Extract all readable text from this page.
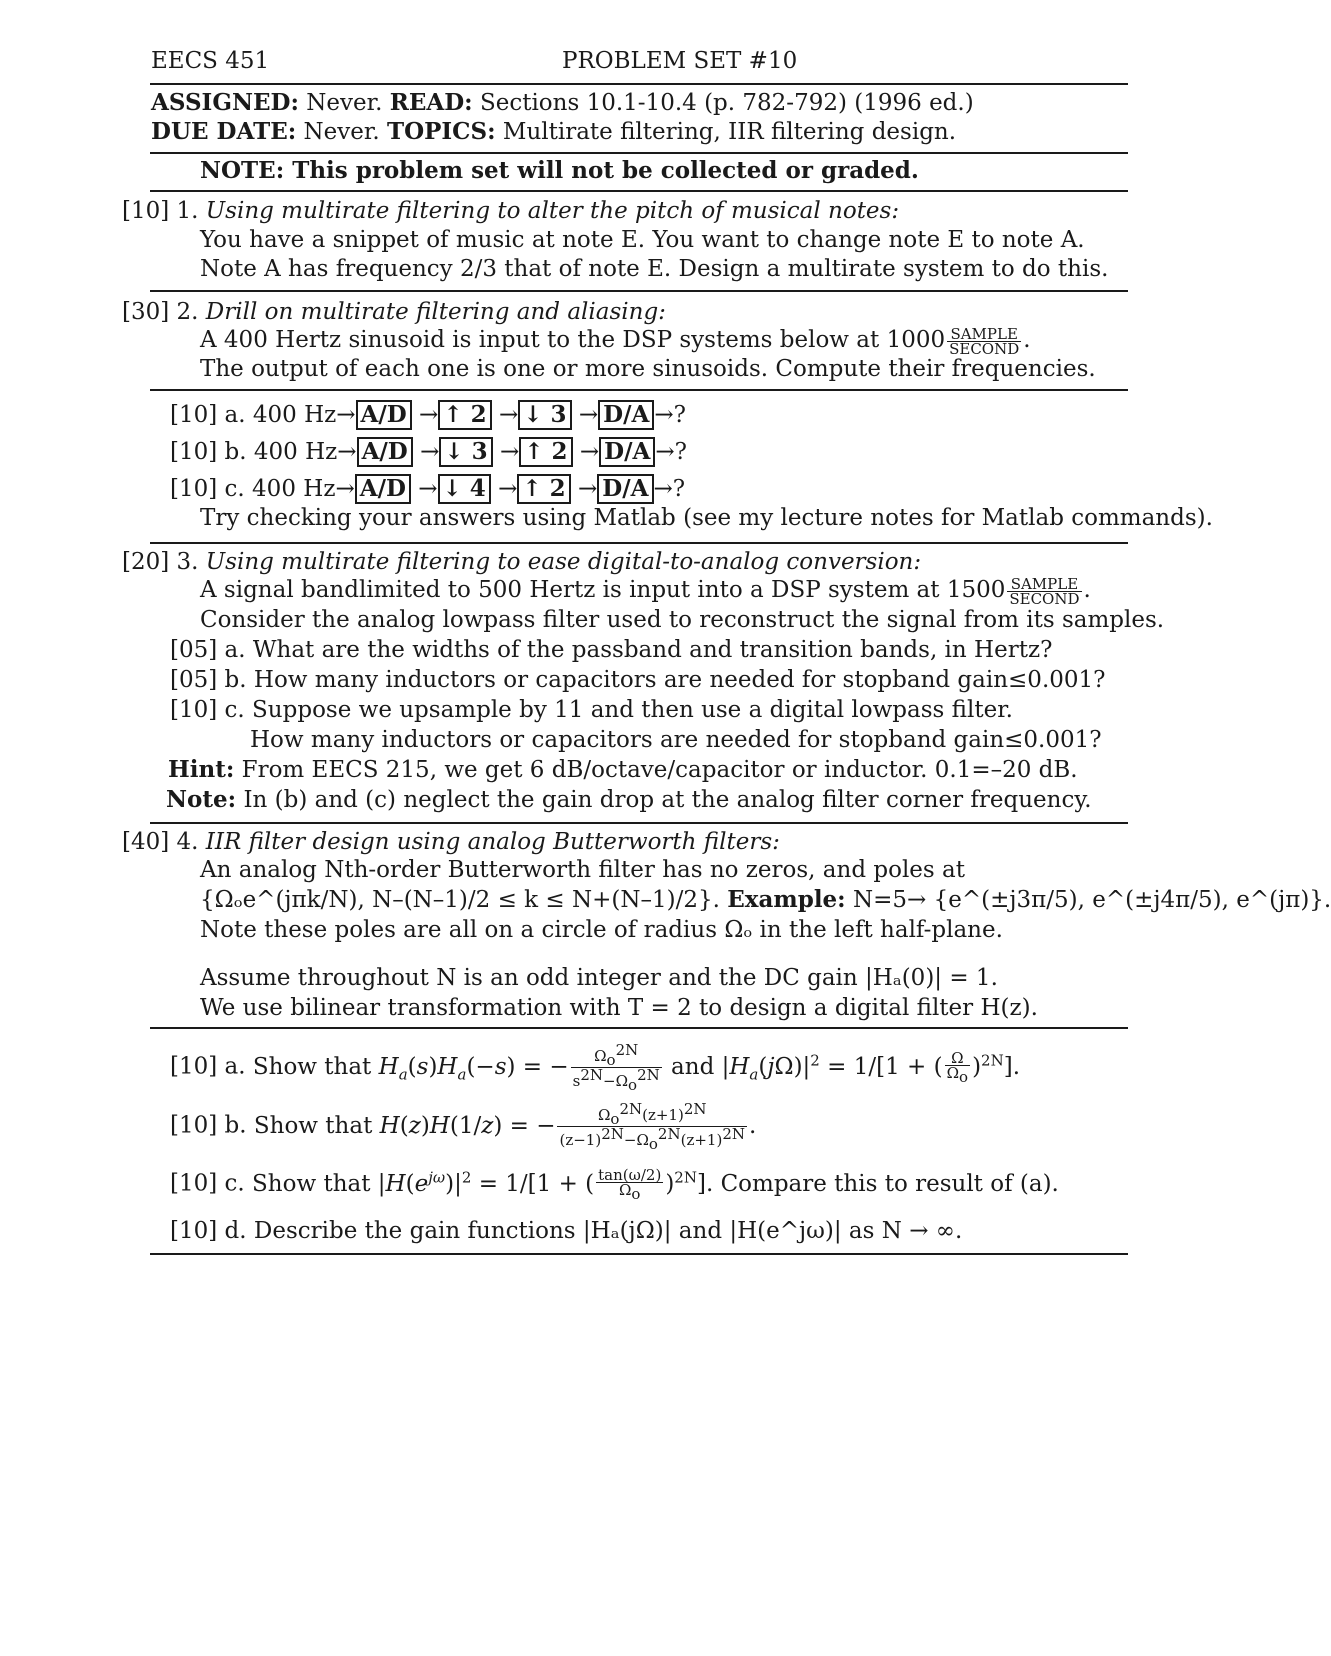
EECS 451	PROBLEM SET #10
ASSIGNED: Never. READ: Sections 10.1-10.4 (p. 782-792) (1996 ed.)
DUE DATE: Never. TOPICS: Multirate filtering, IIR filtering design.
NOTE: This problem set will not be collected or graded.
[10] 1. Using multirate filtering to alter the pitch of musical notes:
You have a snippet of music at note E. You want to change note E to note A.
Note A has frequency 2/3 that of note E. Design a multirate system to do this.
[30] 2. Drill on multirate filtering and aliasing:
A 400 Hertz sinusoid is input to the DSP systems below at $1000 \frac{\text{SAMPLE}}{\text{SECOND}}$ .
The output of each one is one or more sinusoids. Compute their frequencies.
[10] a. 400 Hz→ A/D → ↑ 2 → ↓ 3 → D/A →?
[10] b. 400 Hz→ A/D → ↓ 3 → ↑ 2 → D/A →?
[10] c. 400 Hz→ A/D → ↓ 4 → ↑ 2 → D/A →?
Try checking your answers using Matlab (see my lecture notes for Matlab commands).
[20] 3. Using multirate filtering to ease digital-to-analog conversion:
A signal bandlimited to 500 Hertz is input into a DSP system at $1500 \frac{\text{SAMPLE}}{\text{SECOND}}$ .
Consider the analog lowpass filter used to reconstruct the signal from its samples.
[05] a. What are the widths of the passband and transition bands, in Hertz?
[05] b. How many inductors or capacitors are needed for stopband gain≤0.001?
[10] c. Suppose we upsample by 11 and then use a digital lowpass filter.
How many inductors or capacitors are needed for stopband gain≤0.001?
Hint: From EECS 215, we get 6 dB/octave/capacitor or inductor. 0.1=–20 dB.
Note: In (b) and (c) neglect the gain drop at the analog filter corner frequency.
[40] 4. IIR filter design using analog Butterworth filters:
An analog Nth-order Butterworth filter has no zeros, and poles at
{Ωₒe^(jπk/N), N–(N–1)/2 ≤ k ≤ N+(N–1)/2}. Example: N=5→ {e^(±j3π/5), e^(±j4π/5), e^(jπ)}.
Note these poles are all on a circle of radius Ωₒ in the left half-plane.
Assume throughout N is an odd integer and the DC gain |Hₐ(0)| = 1.
We use bilinear transformation with T = 2 to design a digital filter H(z).
[10] a. Show that $H_a(s)H_a(-s)$ = − $\frac{\Omega_o^{2N}}{s^{2N}-\Omega_o^{2N}}$ and $|H_a(j\Omega)|^2 = 1/[1$ + ( $\frac{\Omega}{\Omega_o} )^{2N}$].
[10] b. Show that H(z)H(1/z) = − $\frac{\Omega_o^{2N}(z+1)^{2N}}{(z-1)^{2N}-\Omega_o^{2N}(z+1)^{2N}}$ .
[10] c. Show that $|H(e^{j\omega})|^2 = 1/[1$ + ( $\frac{\tan(\omega/2)}{\Omega_o} )^{2N}$]. Compare this to result of (a).
[10] d. Describe the gain functions |Hₐ(jΩ)| and |H(e^jω)| as N → ∞.
